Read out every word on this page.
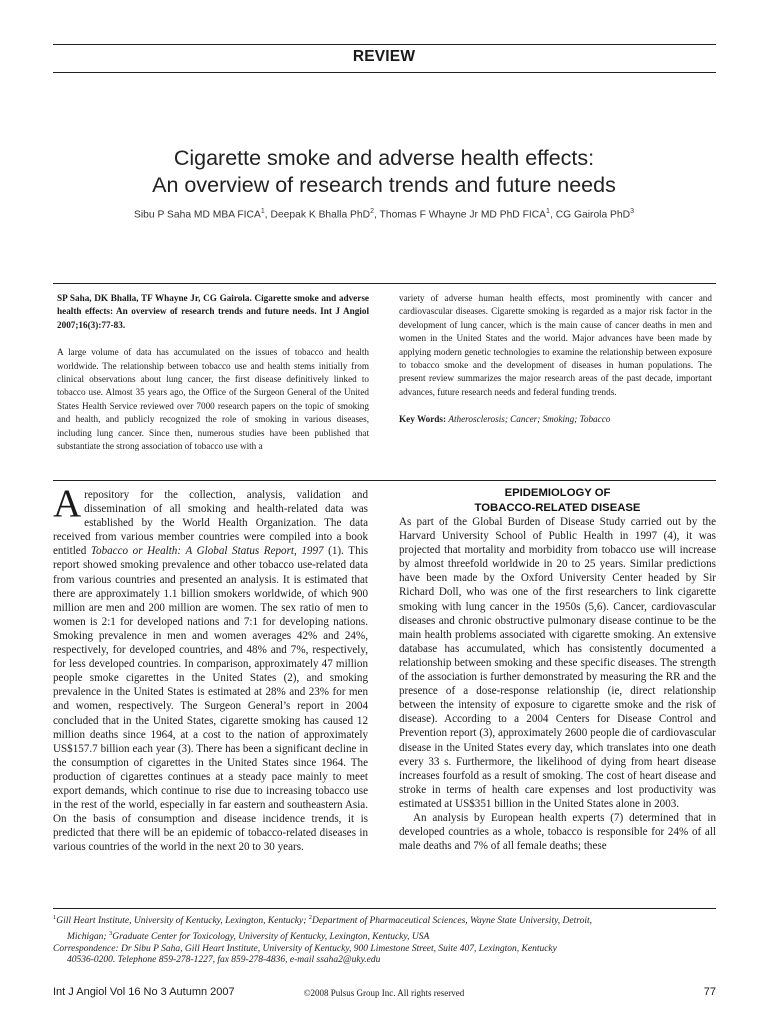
REVIEW
Cigarette smoke and adverse health effects:
An overview of research trends and future needs
Sibu P Saha MD MBA FICA$^1$, Deepak K Bhalla PhD$^2$, Thomas F Whayne Jr MD PhD FICA$^1$, CG Gairola PhD$^3$

SP Saha, DK Bhalla, TF Whayne Jr, CG Gairola. Cigarette smoke and adverse health effects: An overview of research trends and future needs. Int J Angiol 2007;16(3):77-83.

A large volume of data has accumulated on the issues of tobacco and health worldwide. The relationship between tobacco use and health stems initially from clinical observations about lung cancer, the first disease definitively linked to tobacco use. Almost 35 years ago, the Office of the Surgeon General of the United States Health Service reviewed over 7000 research papers on the topic of smoking and health, and publicly recognized the role of smoking in various diseases, including lung cancer. Since then, numerous studies have been published that substantiate the strong association of tobacco use with a

variety of adverse human health effects, most prominently with cancer and cardiovascular diseases. Cigarette smoking is regarded as a major risk factor in the development of lung cancer, which is the main cause of cancer deaths in men and women in the United States and the world. Major advances have been made by applying modern genetic technologies to examine the relationship between exposure to tobacco smoke and the development of diseases in human populations. The present review summarizes the major research areas of the past decade, important advances, future research needs and federal funding trends.

Key Words: Atherosclerosis; Cancer; Smoking; Tobacco

A repository for the collection, analysis, validation and dissemination of all smoking and health-related data was established by the World Health Organization. The data received from various member countries were compiled into a book entitled Tobacco or Health: A Global Status Report, 1997 (1). This report showed smoking prevalence and other tobacco use-related data from various countries and presented an analysis. It is estimated that there are approximately 1.1 billion smokers worldwide, of which 900 million are men and 200 million are women. The sex ratio of men to women is 2:1 for developed nations and 7:1 for developing nations. Smoking prevalence in men and women averages 42% and 24%, respectively, for developed countries, and 48% and 7%, respectively, for less developed countries. In comparison, approximately 47 million people smoke cigarettes in the United States (2), and smoking prevalence in the United States is estimated at 28% and 23% for men and women, respectively. The Surgeon General’s report in 2004 concluded that in the United States, cigarette smoking has caused 12 million deaths since 1964, at a cost to the nation of approximately US$157.7 billion each year (3). There has been a significant decline in the consumption of cigarettes in the United States since 1964. The production of cigarettes continues at a steady pace mainly to meet export demands, which continue to rise due to increasing tobacco use in the rest of the world, especially in far eastern and southeastern Asia. On the basis of consumption and disease incidence trends, it is predicted that there will be an epidemic of tobacco-related diseases in various countries of the world in the next 20 to 30 years.

EPIDEMIOLOGY OF
TOBACCO-RELATED DISEASE

As part of the Global Burden of Disease Study carried out by the Harvard University School of Public Health in 1997 (4), it was projected that mortality and morbidity from tobacco use will increase by almost threefold worldwide in 20 to 25 years. Similar predictions have been made by the Oxford University Center headed by Sir Richard Doll, who was one of the first researchers to link cigarette smoking with lung cancer in the 1950s (5,6). Cancer, cardiovascular diseases and chronic obstructive pulmonary disease continue to be the main health problems associated with cigarette smoking. An extensive database has accumulated, which has consistently documented a relationship between smoking and these specific diseases. The strength of the association is further demonstrated by measuring the RR and the presence of a dose-response relationship (ie, direct relationship between the intensity of exposure to cigarette smoke and the risk of disease). According to a 2004 Centers for Disease Control and Prevention report (3), approximately 2600 people die of cardiovascular disease in the United States every day, which translates into one death every 33 s. Furthermore, the likelihood of dying from heart disease increases fourfold as a result of smoking. The cost of heart disease and stroke in terms of health care expenses and lost productivity was estimated at US$351 billion in the United States alone in 2003.

An analysis by European health experts (7) determined that in developed countries as a whole, tobacco is responsible for 24% of all male deaths and 7% of all female deaths; these

$^1$Gill Heart Institute, University of Kentucky, Lexington, Kentucky; $^2$Department of Pharmaceutical Sciences, Wayne State University, Detroit,
Michigan; $^3$Graduate Center for Toxicology, University of Kentucky, Lexington, Kentucky, USA
Correspondence: Dr Sibu P Saha, Gill Heart Institute, University of Kentucky, 900 Limestone Street, Suite 407, Lexington, Kentucky
40536-0200. Telephone 859-278-1227, fax 859-278-4836, e-mail ssaha2@uky.edu
Int J Angiol Vol 16 No 3 Autumn 2007	©2008 Pulsus Group Inc. All rights reserved	77
